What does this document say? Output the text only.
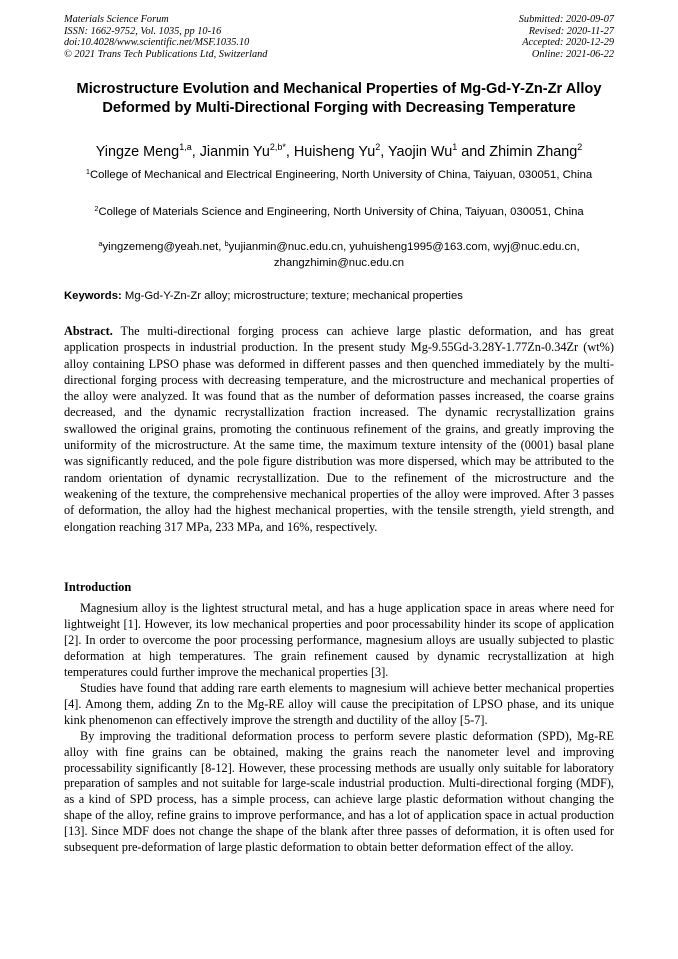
Materials Science Forum
ISSN: 1662-9752, Vol. 1035, pp 10-16
doi:10.4028/www.scientific.net/MSF.1035.10
© 2021 Trans Tech Publications Ltd, Switzerland
Submitted: 2020-09-07
Revised: 2020-11-27
Accepted: 2020-12-29
Online: 2021-06-22
Microstructure Evolution and Mechanical Properties of Mg-Gd-Y-Zn-Zr Alloy Deformed by Multi-Directional Forging with Decreasing Temperature
Yingze Meng$^{1,a}$, Jianmin $Yu^{2,b*}$, Huisheng Yu$^2$, Yaojin Wu$^1$ and Zhimin Zhang$^2$
$^1$College of Mechanical and Electrical Engineering, North University of China, Taiyuan, 030051, China
$^2$College of Materials Science and Engineering, North University of China, Taiyuan, 030051, China
$^a$yingzemeng@yeah.net, $^b$yujianmin@nuc.edu.cn, yuhuisheng1995@163.com, wyj@nuc.edu.cn, zhangzhimin@nuc.edu.cn
Keywords: Mg-Gd-Y-Zn-Zr alloy; microstructure; texture; mechanical properties

Abstract. The multi-directional forging process can achieve large plastic deformation, and has great application prospects in industrial production. In the present study Mg-9.55Gd-3.28Y-1.77Zn-0.34Zr (wt%) alloy containing LPSO phase was deformed in different passes and then quenched immediately by the multi-directional forging process with decreasing temperature, and the microstructure and mechanical properties of the alloy were analyzed. It was found that as the number of deformation passes increased, the coarse grains decreased, and the dynamic recrystallization fraction increased. The dynamic recrystallization grains swallowed the original grains, promoting the continuous refinement of the grains, and greatly improving the uniformity of the microstructure. At the same time, the maximum texture intensity of the (0001) basal plane was significantly reduced, and the pole figure distribution was more dispersed, which may be attributed to the random orientation of dynamic recrystallization. Due to the refinement of the microstructure and the weakening of the texture, the comprehensive mechanical properties of the alloy were improved. After 3 passes of deformation, the alloy had the highest mechanical properties, with the tensile strength, yield strength, and elongation reaching 317 MPa, 233 MPa, and 16%, respectively.

Introduction

Magnesium alloy is the lightest structural metal, and has a huge application space in areas where need for lightweight [1]. However, its low mechanical properties and poor processability hinder its scope of application [2]. In order to overcome the poor processing performance, magnesium alloys are usually subjected to plastic deformation at high temperatures. The grain refinement caused by dynamic recrystallization at high temperatures could further improve the mechanical properties [3].

Studies have found that adding rare earth elements to magnesium will achieve better mechanical properties [4]. Among them, adding Zn to the Mg-RE alloy will cause the precipitation of LPSO phase, and its unique kink phenomenon can effectively improve the strength and ductility of the alloy [5-7].

By improving the traditional deformation process to perform severe plastic deformation (SPD), Mg-RE alloy with fine grains can be obtained, making the grains reach the nanometer level and improving processability significantly [8-12]. However, these processing methods are usually only suitable for laboratory preparation of samples and not suitable for large-scale industrial production. Multi-directional forging (MDF), as a kind of SPD process, has a simple process, can achieve large plastic deformation without changing the shape of the alloy, refine grains to improve performance, and has a lot of application space in actual production [13]. Since MDF does not change the shape of the blank after three passes of deformation, it is often used for subsequent pre-deformation of large plastic deformation to obtain better deformation effect of the alloy.
